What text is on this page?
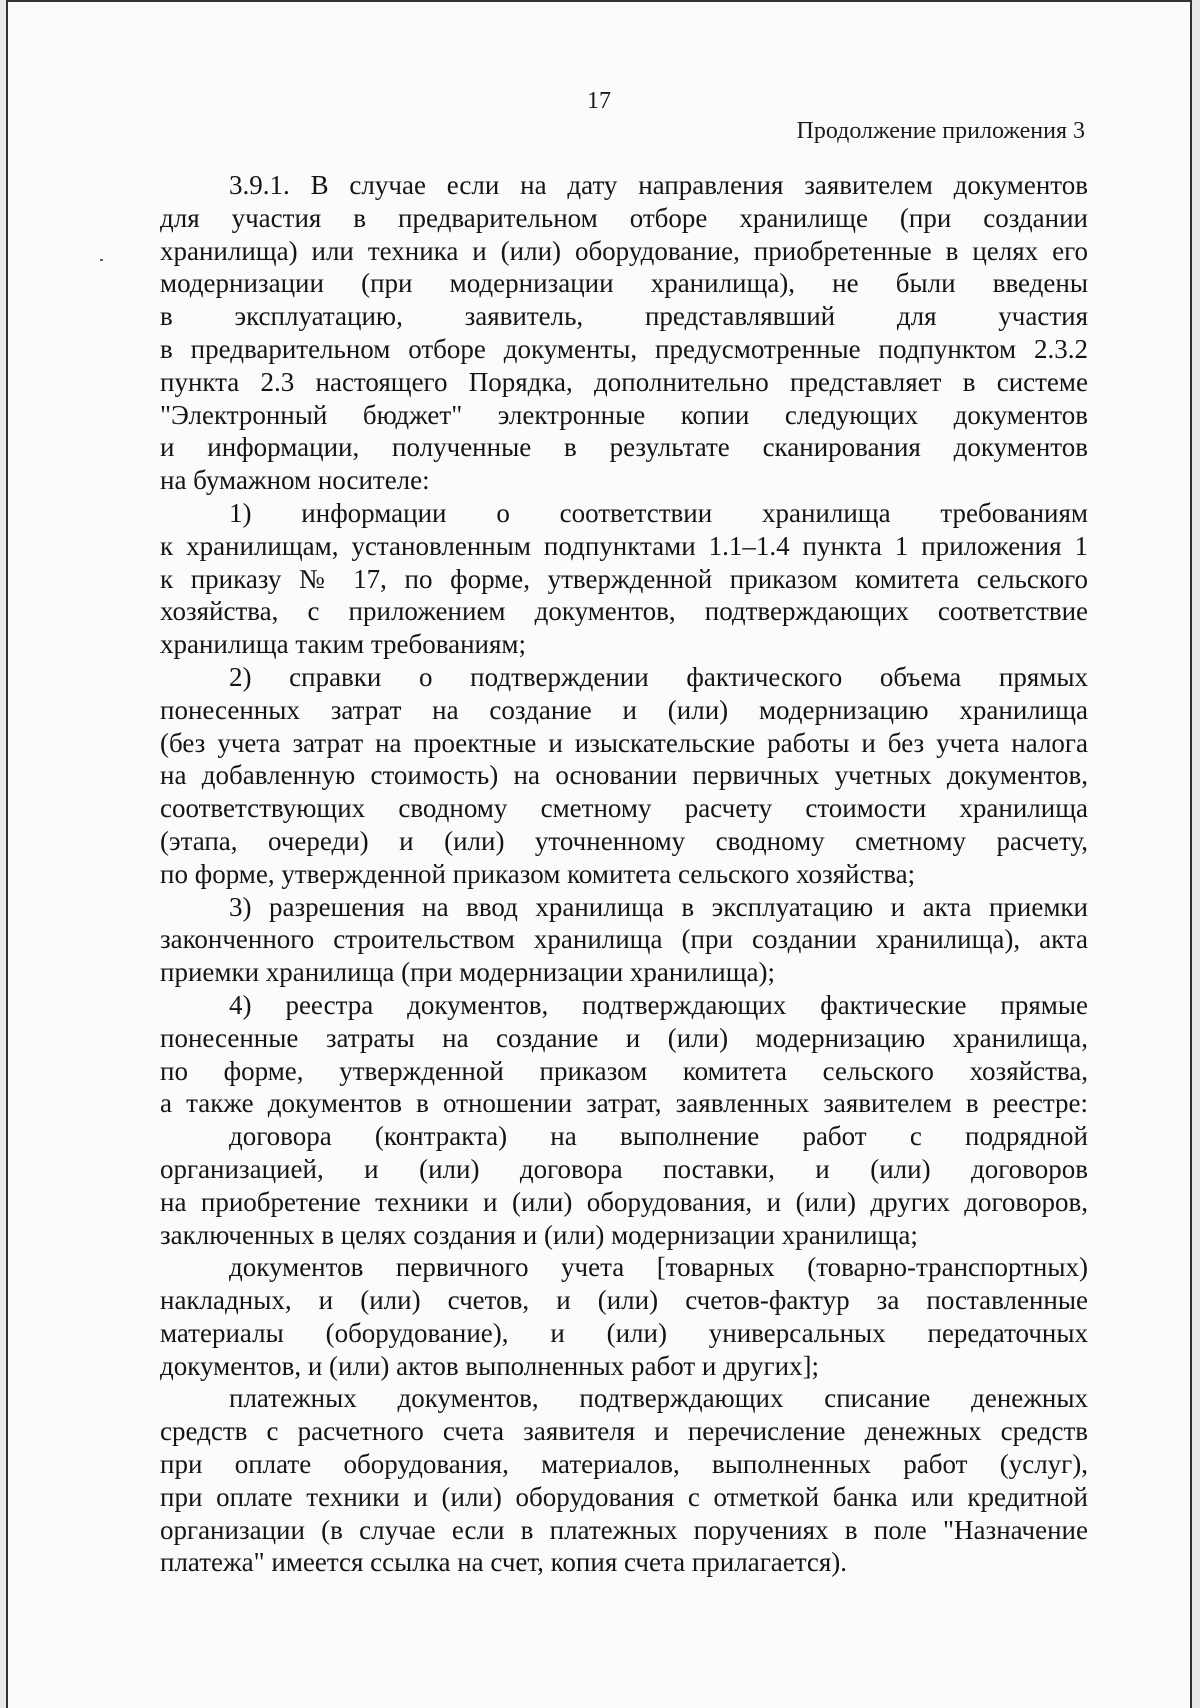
17
Продолжение приложения 3
3.9.1. В случае если на дату направления заявителем документов
для участия в предварительном отборе хранилище (при создании
хранилища) или техника и (или) оборудование, приобретенные в целях его
модернизации (при модернизации хранилища), не были введены
в эксплуатацию, заявитель, представлявший для участия
в предварительном отборе документы, предусмотренные подпунктом 2.3.2
пункта 2.3 настоящего Порядка, дополнительно представляет в системе
"Электронный бюджет" электронные копии следующих документов
и информации, полученные в результате сканирования документов
на бумажном носителе:
1) информации о соответствии хранилища требованиям
к хранилищам, установленным подпунктами 1.1–1.4 пункта 1 приложения 1
к приказу № 17, по форме, утвержденной приказом комитета сельского
хозяйства, с приложением документов, подтверждающих соответствие
хранилища таким требованиям;
2) справки о подтверждении фактического объема прямых
понесенных затрат на создание и (или) модернизацию хранилища
(без учета затрат на проектные и изыскательские работы и без учета налога
на добавленную стоимость) на основании первичных учетных документов,
соответствующих сводному сметному расчету стоимости хранилища
(этапа, очереди) и (или) уточненному сводному сметному расчету,
по форме, утвержденной приказом комитета сельского хозяйства;
3) разрешения на ввод хранилища в эксплуатацию и акта приемки
законченного строительством хранилища (при создании хранилища), акта
приемки хранилища (при модернизации хранилища);
4) реестра документов, подтверждающих фактические прямые
понесенные затраты на создание и (или) модернизацию хранилища,
по форме, утвержденной приказом комитета сельского хозяйства,
а также документов в отношении затрат, заявленных заявителем в реестре:
договора (контракта) на выполнение работ с подрядной
организацией, и (или) договора поставки, и (или) договоров
на приобретение техники и (или) оборудования, и (или) других договоров,
заключенных в целях создания и (или) модернизации хранилища;
документов первичного учета [товарных (товарно-транспортных)
накладных, и (или) счетов, и (или) счетов-фактур за поставленные
материалы (оборудование), и (или) универсальных передаточных
документов, и (или) актов выполненных работ и других];
платежных документов, подтверждающих списание денежных
средств с расчетного счета заявителя и перечисление денежных средств
при оплате оборудования, материалов, выполненных работ (услуг),
при оплате техники и (или) оборудования с отметкой банка или кредитной
организации (в случае если в платежных поручениях в поле "Назначение
платежа" имеется ссылка на счет, копия счета прилагается).
